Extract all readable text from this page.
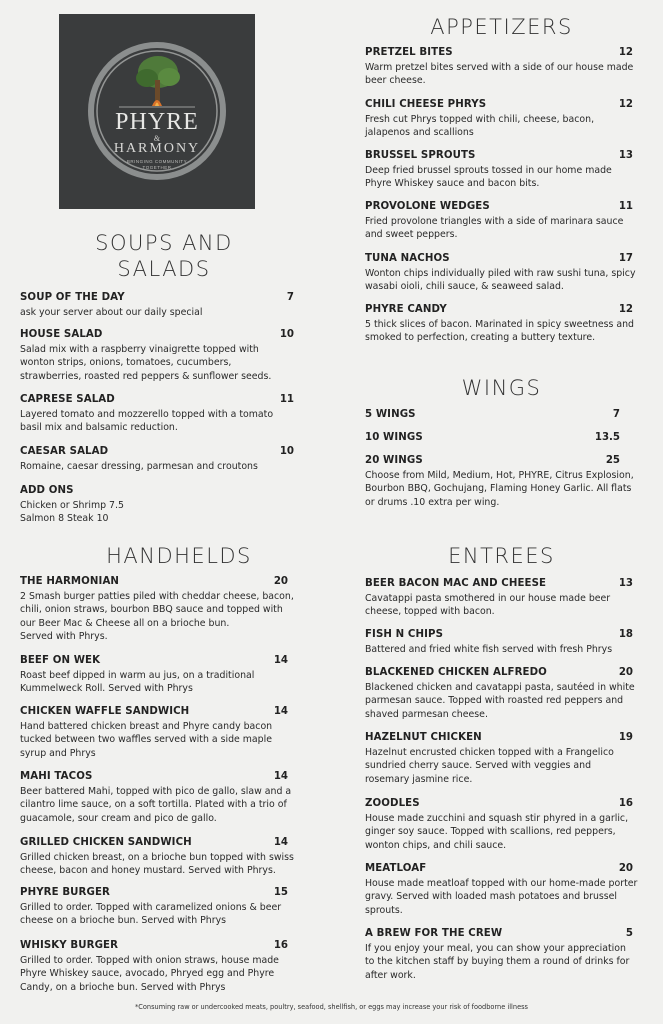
PHYRE
&
HARMONY
BRINGING COMMUNITY TOGETHER
SOUPS AND
SALADS
SOUP OF THE DAY	7
ask your server about our daily special
HOUSE SALAD	10
Salad mix with a raspberry vinaigrette topped with wonton strips, onions, tomatoes, cucumbers, strawberries, roasted red peppers & sunflower seeds.
CAPRESE SALAD	11
Layered tomato and mozzerello topped with a tomato basil mix and balsamic reduction.
CAESAR SALAD	10
Romaine, caesar dressing, parmesan and croutons
ADD ONS
Chicken or Shrimp 7.5
Salmon 8 Steak 10
HANDHELDS
THE HARMONIAN	20
2 Smash burger patties piled with cheddar cheese, bacon, chili, onion straws, bourbon BBQ sauce and topped with our Beer Mac & Cheese all on a brioche bun.
Served with Phrys.
BEEF ON WEK	14
Roast beef dipped in warm au jus, on a traditional Kummelweck Roll. Served with Phrys
CHICKEN WAFFLE SANDWICH	14
Hand battered chicken breast and Phyre candy bacon tucked between two waffles served with a side maple syrup and Phrys
MAHI TACOS	14
Beer battered Mahi, topped with pico de gallo, slaw and a cilantro lime sauce, on a soft tortilla. Plated with a trio of guacamole, sour cream and pico de gallo.
GRILLED CHICKEN SANDWICH	14
Grilled chicken breast, on a brioche bun topped with swiss cheese, bacon and honey mustard. Served with Phrys.
PHYRE BURGER	15
Grilled to order. Topped with caramelized onions & beer cheese on a brioche bun. Served with Phrys
WHISKY BURGER	16
Grilled to order. Topped with onion straws, house made Phyre Whiskey sauce, avocado, Phryed egg and Phyre Candy, on a brioche bun. Served with Phrys
APPETIZERS
PRETZEL BITES	12
Warm pretzel bites served with a side of our house made beer cheese.
CHILI CHEESE PHRYS	12
Fresh cut Phrys topped with chili, cheese, bacon, jalapenos and scallions
BRUSSEL SPROUTS	13
Deep fried brussel sprouts tossed in our home made Phyre Whiskey sauce and bacon bits.
PROVOLONE WEDGES	11
Fried provolone triangles with a side of marinara sauce and sweet peppers.
TUNA NACHOS	17
Wonton chips individually piled with raw sushi tuna, spicy wasabi oioli, chili sauce, & seaweed salad.
PHYRE CANDY	12
5 thick slices of bacon. Marinated in spicy sweetness and smoked to perfection, creating a buttery texture.
WINGS
5 WINGS	7
10 WINGS	13.5
20 WINGS	25
Choose from Mild, Medium, Hot, PHYRE, Citrus Explosion, Bourbon BBQ, Gochujang, Flaming Honey Garlic. All flats or drums .10 extra per wing.
ENTREES
BEER BACON MAC AND CHEESE	13
Cavatappi pasta smothered in our house made beer cheese, topped with bacon.
FISH N CHIPS	18
Battered and fried white fish served with fresh Phrys
BLACKENED CHICKEN ALFREDO	20
Blackened chicken and cavatappi pasta, sautéed in white parmesan sauce. Topped with roasted red peppers and shaved parmesan cheese.
HAZELNUT CHICKEN	19
Hazelnut encrusted chicken topped with a Frangelico sundried cherry sauce. Served with veggies and rosemary jasmine rice.
ZOODLES	16
House made zucchini and squash stir phyred in a garlic, ginger soy sauce. Topped with scallions, red peppers, wonton chips, and chili sauce.
MEATLOAF	20
House made meatloaf topped with our home-made porter gravy. Served with loaded mash potatoes and brussel sprouts.
A BREW FOR THE CREW	5
If you enjoy your meal, you can show your appreciation to the kitchen staff by buying them a round of drinks for after work.
*Consuming raw or undercooked meats, poultry, seafood, shellfish, or eggs may increase your risk of foodborne illness
